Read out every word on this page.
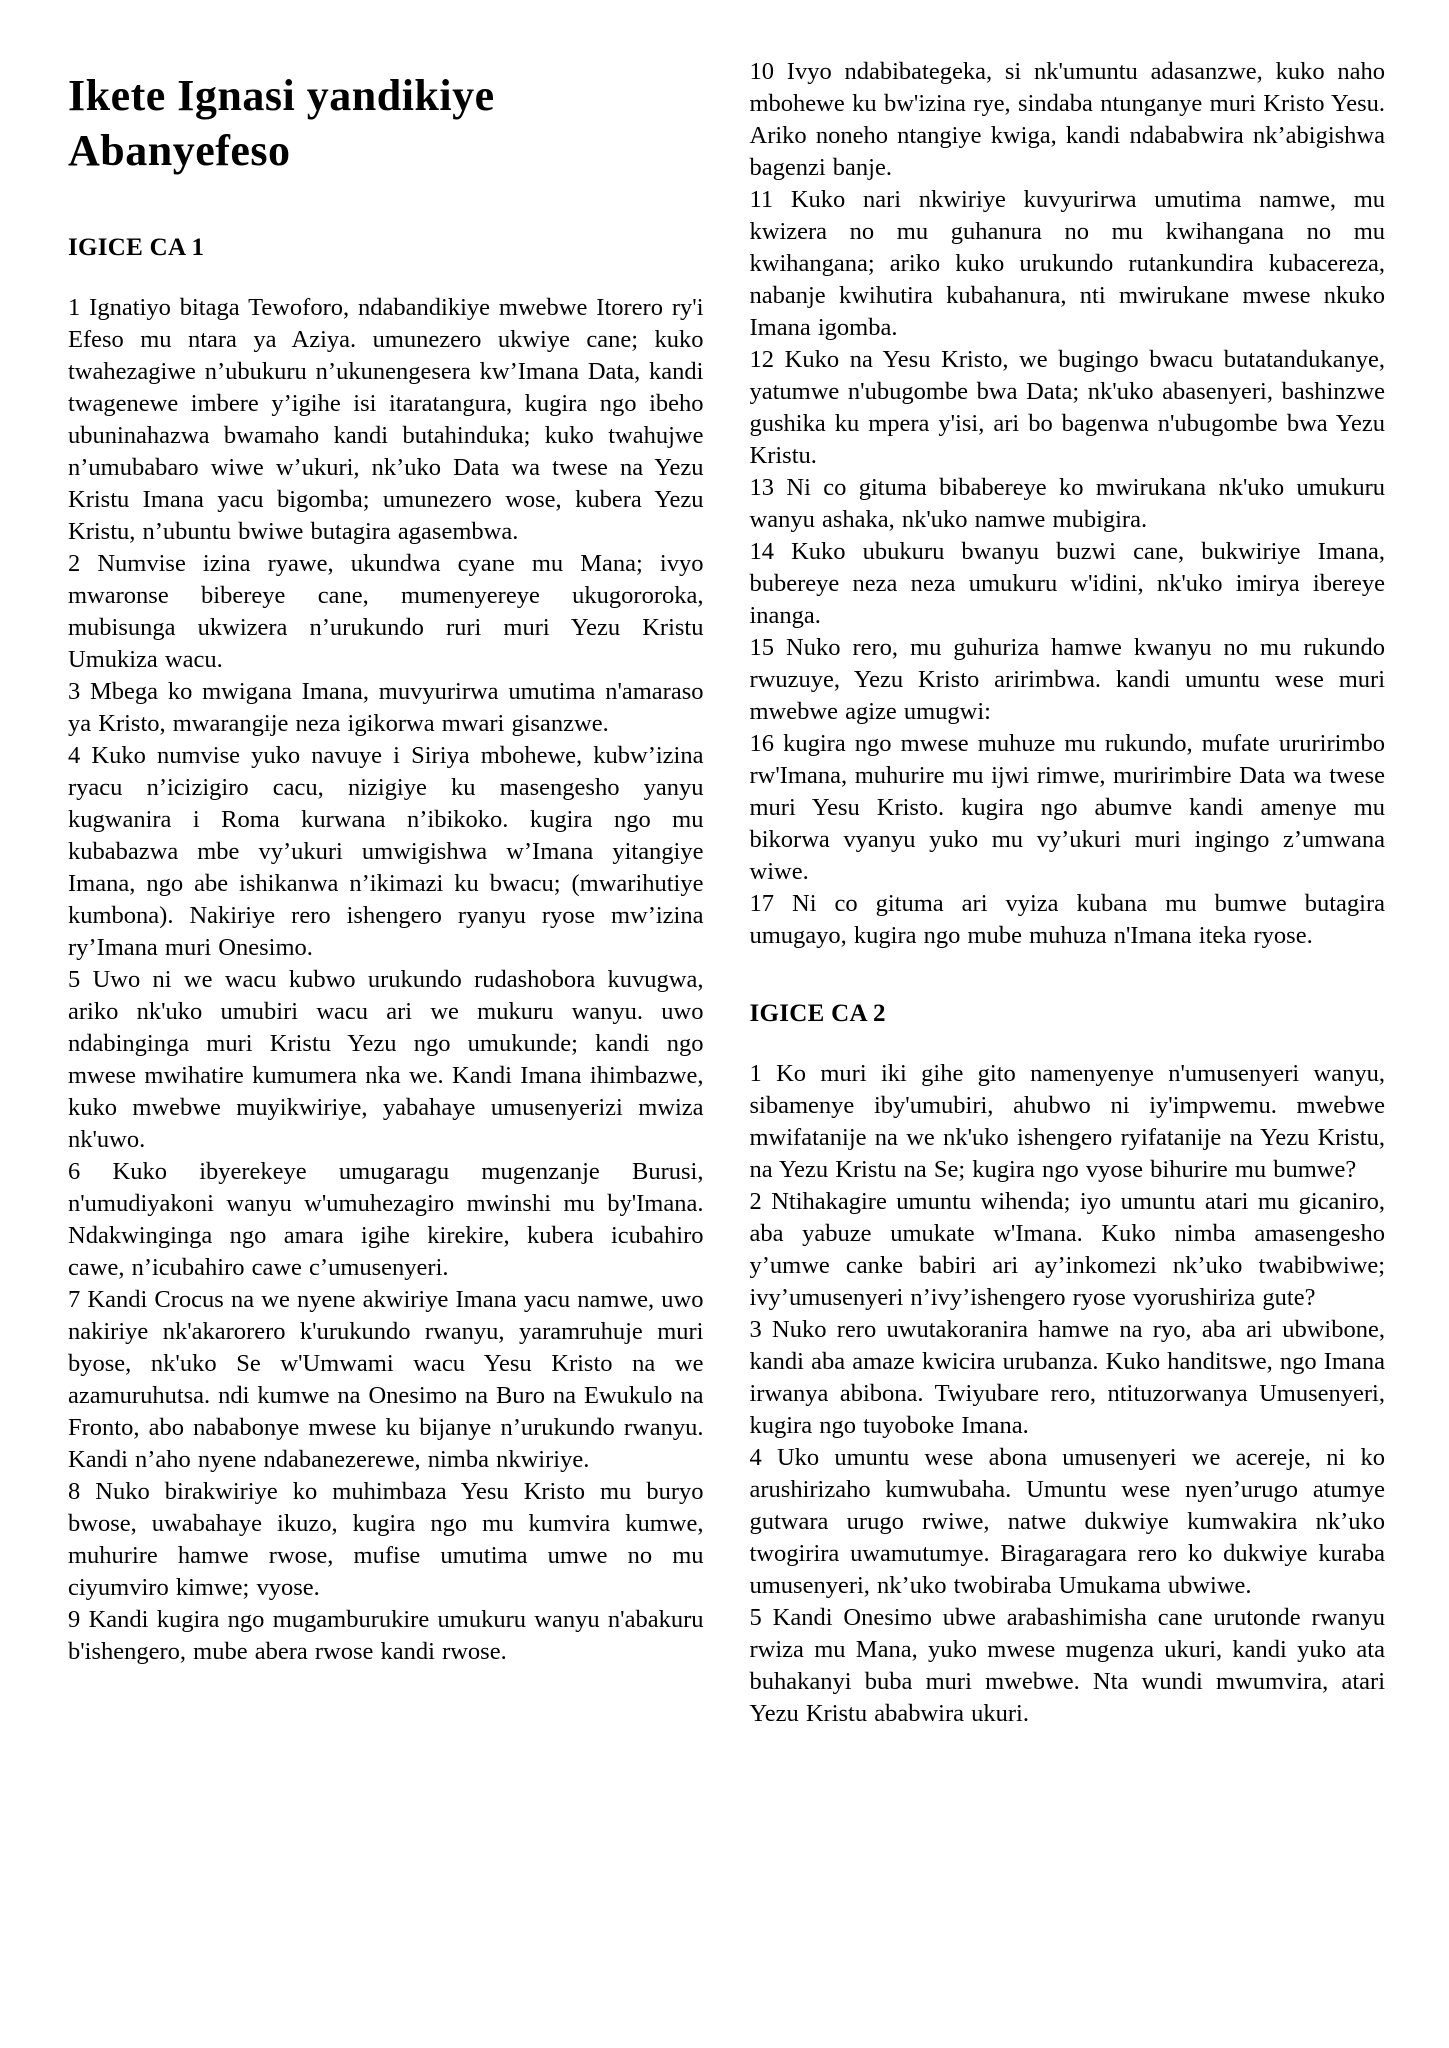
Ikete Ignasi yandikiye Abanyefeso
IGICE CA 1

1 Ignatiyo bitaga Tewoforo, ndabandikiye mwebwe Itorero ry'i Efeso mu ntara ya Aziya. umunezero ukwiye cane; kuko twahezagiwe n’ubukuru n’ukunengesera kw’Imana Data, kandi twagenewe imbere y’igihe isi itaratangura, kugira ngo ibeho ubuninahazwa bwamaho kandi butahinduka; kuko twahujwe n’umubabaro wiwe w’ukuri, nk’uko Data wa twese na Yezu Kristu Imana yacu bigomba; umunezero wose, kubera Yezu Kristu, n’ubuntu bwiwe butagira agasembwa.

2 Numvise izina ryawe, ukundwa cyane mu Mana; ivyo mwaronse bibereye cane, mumenyereye ukugororoka, mubisunga ukwizera n’urukundo ruri muri Yezu Kristu Umukiza wacu.

3 Mbega ko mwigana Imana, muvyurirwa umutima n'amaraso ya Kristo, mwarangije neza igikorwa mwari gisanzwe.

4 Kuko numvise yuko navuye i Siriya mbohewe, kubw’izina ryacu n’icizigiro cacu, nizigiye ku masengesho yanyu kugwanira i Roma kurwana n’ibikoko. kugira ngo mu kubabazwa mbe vy’ukuri umwigishwa w’Imana yitangiye Imana, ngo abe ishikanwa n’ikimazi ku bwacu; (mwarihutiye kumbona). Nakiriye rero ishengero ryanyu ryose mw’izina ry’Imana muri Onesimo.

5 Uwo ni we wacu kubwo urukundo rudashobora kuvugwa, ariko nk'uko umubiri wacu ari we mukuru wanyu. uwo ndabinginga muri Kristu Yezu ngo umukunde; kandi ngo mwese mwihatire kumumera nka we. Kandi Imana ihimbazwe, kuko mwebwe muyikwiriye, yabahaye umusenyerizi mwiza nk'uwo.

6 Kuko ibyerekeye umugaragu mugenzanje Burusi, n'umudiyakoni wanyu w'umuhezagiro mwinshi mu by'Imana. Ndakwinginga ngo amara igihe kirekire, kubera icubahiro cawe, n’icubahiro cawe c’umusenyeri.

7 Kandi Crocus na we nyene akwiriye Imana yacu namwe, uwo nakiriye nk'akarorero k'urukundo rwanyu, yaramruhuje muri byose, nk'uko Se w'Umwami wacu Yesu Kristo na we azamuruhutsa. ndi kumwe na Onesimo na Buro na Ewukulo na Fronto, abo nababonye mwese ku bijanye n’urukundo rwanyu. Kandi n’aho nyene ndabanezerewe, nimba nkwiriye.

8 Nuko birakwiriye ko muhimbaza Yesu Kristo mu buryo bwose, uwabahaye ikuzo, kugira ngo mu kumvira kumwe, muhurire hamwe rwose, mufise umutima umwe no mu ciyumviro kimwe; vyose.

9 Kandi kugira ngo mugamburukire umukuru wanyu n'abakuru b'ishengero, mube abera rwose kandi rwose.

10 Ivyo ndabibategeka, si nk'umuntu adasanzwe, kuko naho mbohewe ku bw'izina rye, sindaba ntunganye muri Kristo Yesu. Ariko noneho ntangiye kwiga, kandi ndababwira nk’abigishwa bagenzi banje.

11 Kuko nari nkwiriye kuvyurirwa umutima namwe, mu kwizera no mu guhanura no mu kwihangana no mu kwihangana; ariko kuko urukundo rutankundira kubacereza, nabanje kwihutira kubahanura, nti mwirukane mwese nkuko Imana igomba.

12 Kuko na Yesu Kristo, we bugingo bwacu butatandukanye, yatumwe n'ubugombe bwa Data; nk'uko abasenyeri, bashinzwe gushika ku mpera y'isi, ari bo bagenwa n'ubugombe bwa Yezu Kristu.

13 Ni co gituma bibabereye ko mwirukana nk'uko umukuru wanyu ashaka, nk'uko namwe mubigira.

14 Kuko ubukuru bwanyu buzwi cane, bukwiriye Imana, bubereye neza neza umukuru w'idini, nk'uko imirya ibereye inanga.

15 Nuko rero, mu guhuriza hamwe kwanyu no mu rukundo rwuzuye, Yezu Kristo aririmbwa. kandi umuntu wese muri mwebwe agize umugwi:

16 kugira ngo mwese muhuze mu rukundo, mufate ururirimbo rw'Imana, muhurire mu ijwi rimwe, muririmbire Data wa twese muri Yesu Kristo. kugira ngo abumve kandi amenye mu bikorwa vyanyu yuko mu vy’ukuri muri ingingo z’umwana wiwe.

17 Ni co gituma ari vyiza kubana mu bumwe butagira umugayo, kugira ngo mube muhuza n'Imana iteka ryose.

IGICE CA 2

1 Ko muri iki gihe gito namenyenye n'umusenyeri wanyu, sibamenye iby'umubiri, ahubwo ni iy'impwemu. mwebwe mwifatanije na we nk'uko ishengero ryifatanije na Yezu Kristu, na Yezu Kristu na Se; kugira ngo vyose bihurire mu bumwe?

2 Ntihakagire umuntu wihenda; iyo umuntu atari mu gicaniro, aba yabuze umukate w'Imana. Kuko nimba amasengesho y’umwe canke babiri ari ay’inkomezi nk’uko twabibwiwe; ivy’umusenyeri n’ivy’ishengero ryose vyorushiriza gute?

3 Nuko rero uwutakoranira hamwe na ryo, aba ari ubwibone, kandi aba amaze kwicira urubanza. Kuko handitswe, ngo Imana irwanya abibona. Twiyubare rero, ntituzorwanya Umusenyeri, kugira ngo tuyoboke Imana.

4 Uko umuntu wese abona umusenyeri we acereje, ni ko arushirizaho kumwubaha. Umuntu wese nyen’urugo atumye gutwara urugo rwiwe, natwe dukwiye kumwakira nk’uko twogirira uwamutumye. Biragaragara rero ko dukwiye kuraba umusenyeri, nk’uko twobiraba Umukama ubwiwe.

5 Kandi Onesimo ubwe arabashimisha cane urutonde rwanyu rwiza mu Mana, yuko mwese mugenza ukuri, kandi yuko ata buhakanyi buba muri mwebwe. Nta wundi mwumvira, atari Yezu Kristu ababwira ukuri.
